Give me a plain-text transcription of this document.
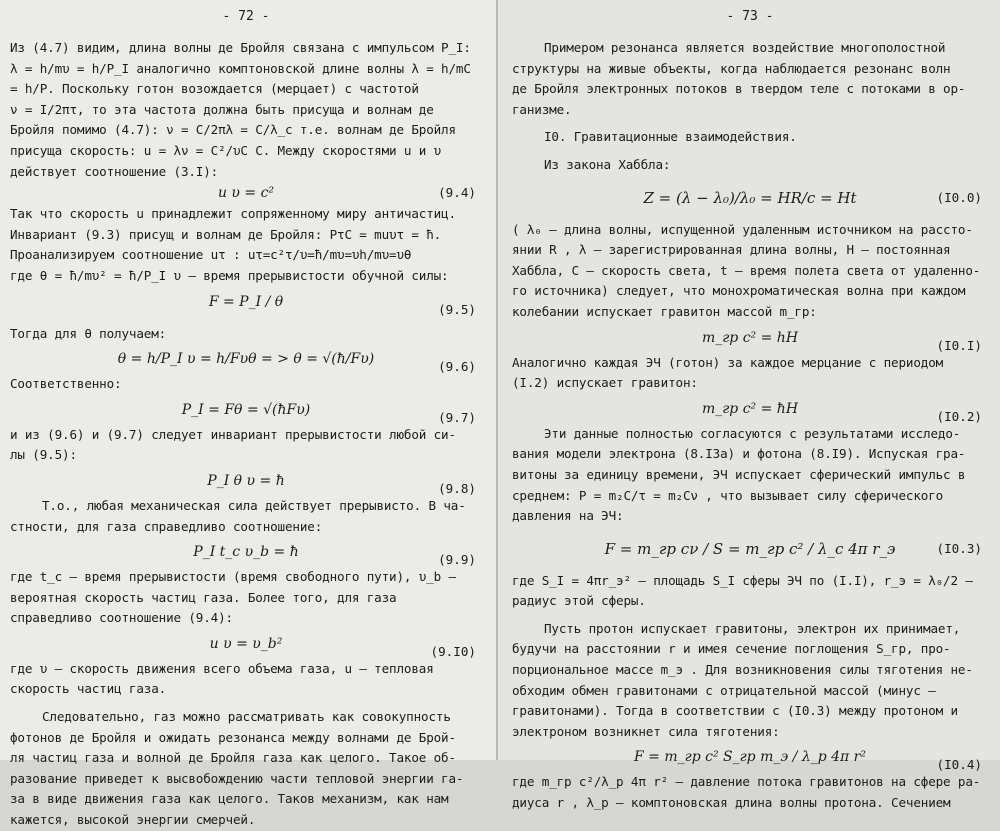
- 72 -

Из (4.7) видим, длина волны де Бройля связана с импульсом P_I:
λ = h/mυ = h/P_I аналогично комптоновской длине волны λ = h/mC
= h/P. Поскольку готон возождается (мерцает) с частотой
ν = I/2πτ, то эта частота должна быть присуща и волнам де
Бройля помимо (4.7): ν = C/2πλ = C/λ_c т.е. волнам де Бройля
присуща скорость: u = λν = C²/υC C. Между скоростями u и υ
действует соотношение (3.I):

u υ = c²	(9.4)

Так что скорость u принадлежит сопряженному миру античастиц.
Инвариант (9.3) присущ и волнам де Бройля: PτC = muυτ = ħ.
Проанализируем соотношение uτ : uτ=c²τ/υ=ħ/mυ=υh/mυ=υθ
где θ = ħ/mυ² = ħ/P_I υ – время прерывистости обучной силы:

F = P_I / θ	(9.5)

Тогда для θ получаем:

θ = h/P_I υ = h/Fυθ = > θ = √(ħ/Fυ)	(9.6)

Соответственно:

P_I = Fθ = √(ħFυ)	(9.7)

и из (9.6) и (9.7) следует инвариант прерывистости любой си-
лы (9.5):

P_I θ υ = ħ	(9.8)

Т.о., любая механическая сила действует прерывисто. В ча-
стности, для газа справедливо соотношение:

P_I t_c υ_b = ħ	(9.9)

где t_c – время прерывистости (время свободного пути), υ_b –
вероятная скорость частиц газа. Более того, для газа
справедливо соотношение (9.4):

u υ = υ_b²	(9.I0)

где υ – скорость движения всего объема газа, u – тепловая
скорость частиц газа.

Следовательно, газ можно рассматривать как совокупность
фотонов де Бройля и ожидать резонанса между волнами де Брой-
ля частиц газа и волной де Бройля газа как целого. Такое об-
разование приведет к высвобождению части тепловой энергии га-
за в виде движения газа как целого. Таков механизм, как нам
кажется, высокой энергии смерчей.

- 73 -

Примером резонанса является воздействие многополостной
структуры на живые объекты, когда наблюдается резонанс волн
де Бройля электронных потоков в твердом теле с потоками в ор-
ганизме.

I0. Гравитационные взаимодействия.

Из закона Хаббла:

Z = (λ − λ₀)/λ₀ = HR/c = Ht	(I0.0)

( λ₀ – длина волны, испущенной удаленным источником на рассто-
янии R , λ – зарегистрированная длина волны, H – постоянная
Хаббла, C – скорость света, t – время полета света от удаленно-
го источника) следует, что монохроматическая волна при каждом
колебании испускает гравитон массой m_гр:

m_гр c² = hH	(I0.I)

Аналогично каждая ЭЧ (готон) за каждое мерцание с периодом
(I.2) испускает гравитон:

m_гр c² = ħH	(I0.2)

Эти данные полностью согласуются с результатами исследо-
вания модели электрона (8.I3а) и фотона (8.I9). Испуская гра-
витоны за единицу времени, ЭЧ испускает сферический импульс в
среднем: P = m₂C/τ = m₂Cν , что вызывает силу сферического
давления на ЭЧ:

F = m_гр cν / S = m_гр c² / λ_c 4π r_э	(I0.3)

где S_I = 4πr_э² – площадь S_I сферы ЭЧ по (I.I), r_э = λ₀/2 –
радиус этой сферы.

Пусть протон испускает гравитоны, электрон их принимает,
будучи на расстоянии r и имея сечение поглощения S_гр, про-
порциональное массе m_э . Для возникновения силы тяготения не-
обходим обмен гравитонами с отрицательной массой (минус –
гравитонами). Тогда в соответствии с (I0.3) между протоном и
электроном возникнет сила тяготения:

F = m_гр c² S_гр m_э / λ_p 4π r²	(I0.4)

где m_гр c²/λ_p 4π r² – давление потока гравитонов на сфере ра-
диуса r , λ_p – комптоновская длина волны протона. Сечением
